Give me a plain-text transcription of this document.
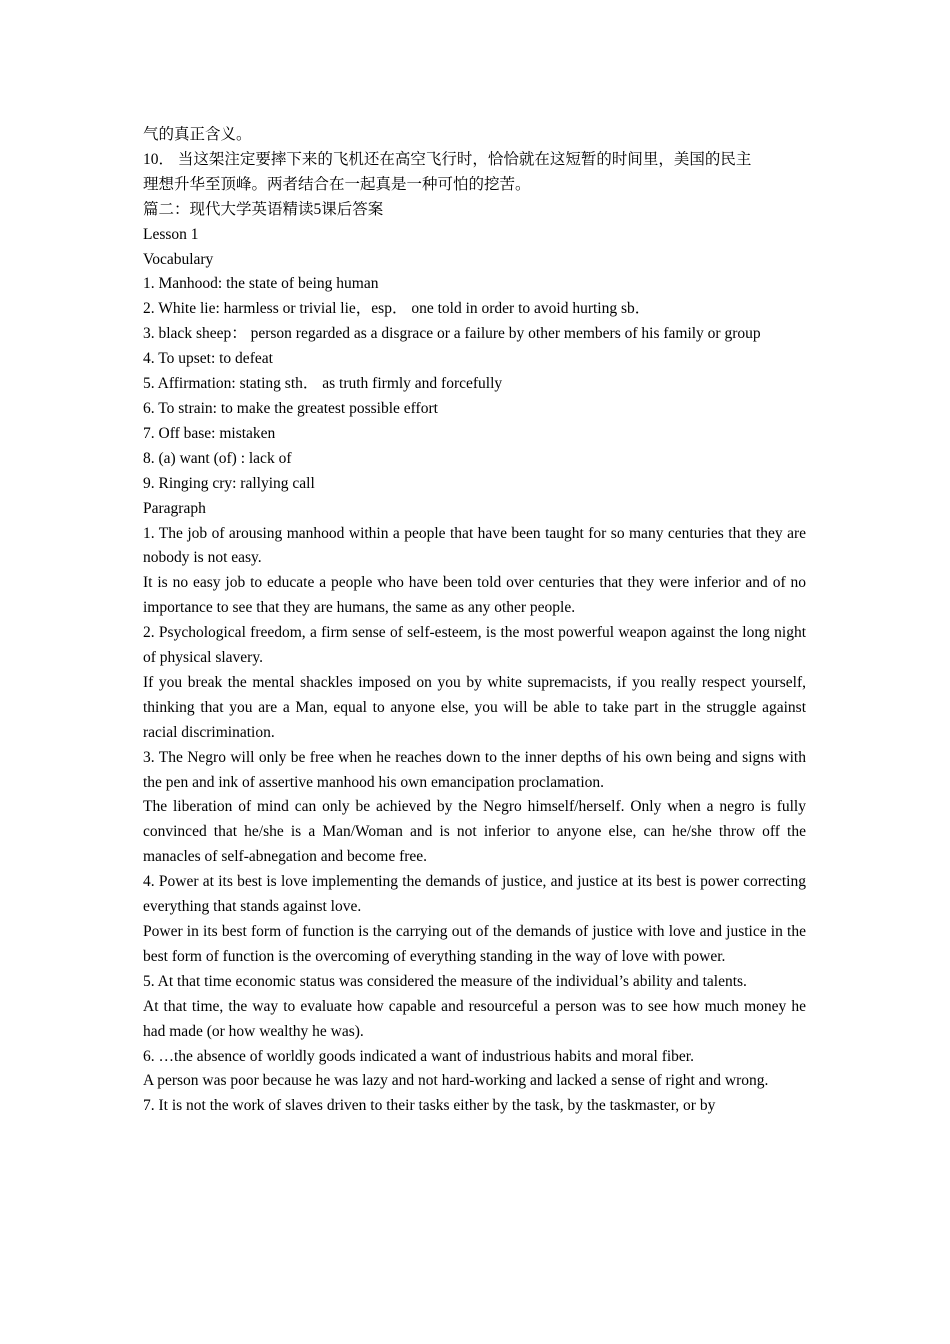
气的真正含义。
10． 当这架注定要摔下来的飞机还在高空飞行时，恰恰就在这短暂的时间里，美国的民主
理想升华至顶峰。两者结合在一起真是一种可怕的挖苦。
篇二：现代大学英语精读5课后答案
Lesson 1
Vocabulary
1. Manhood: the state of being human
2. White lie: harmless or trivial lie，esp． one told in order to avoid hurting sb．
3. black sheep： person regarded as a disgrace or a failure by other members of his family or group
4. To upset: to defeat
5. Affirmation: stating sth． as truth firmly and forcefully
6. To strain: to make the greatest possible effort
7. Off base: mistaken
8. (a) want (of) : lack of
9. Ringing cry: rallying call
Paragraph
1. The job of arousing manhood within a people that have been taught for so many centuries that they are nobody is not easy.
It is no easy job to educate a people who have been told over centuries that they were inferior and of no importance to see that they are humans, the same as any other people.
2. Psychological freedom, a firm sense of self-esteem, is the most powerful weapon against the long night of physical slavery.
If you break the mental shackles imposed on you by white supremacists, if you really respect yourself, thinking that you are a Man, equal to anyone else, you will be able to take part in the struggle against racial discrimination.
3. The Negro will only be free when he reaches down to the inner depths of his own being and signs with the pen and ink of assertive manhood his own emancipation proclamation.
The liberation of mind can only be achieved by the Negro himself/herself. Only when a negro is fully convinced that he/she is a Man/Woman and is not inferior to anyone else, can he/she throw off the manacles of self-abnegation and become free.
4. Power at its best is love implementing the demands of justice, and justice at its best is power correcting everything that stands against love.
Power in its best form of function is the carrying out of the demands of justice with love and justice in the best form of function is the overcoming of everything standing in the way of love with power.
5. At that time economic status was considered the measure of the individual’s ability and talents.
At that time, the way to evaluate how capable and resourceful a person was to see how much money he had made (or how wealthy he was).
6. …the absence of worldly goods indicated a want of industrious habits and moral fiber.
A person was poor because he was lazy and not hard-working and lacked a sense of right and wrong.
7. It is not the work of slaves driven to their tasks either by the task, by the taskmaster, or by
